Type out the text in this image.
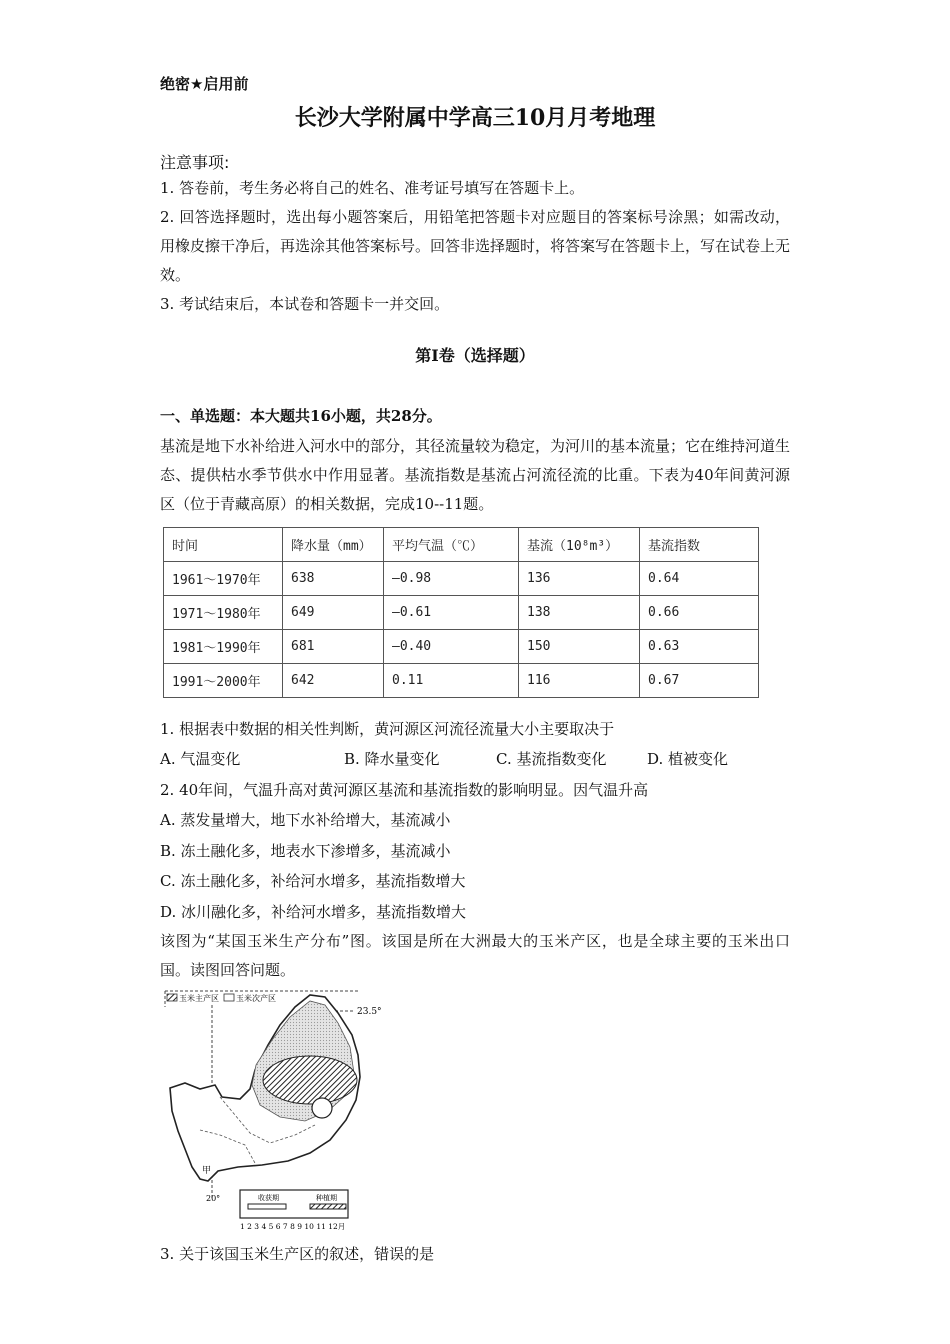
绝密★启用前
长沙大学附属中学高三10月月考地理
注意事项:
1. 答卷前，考生务必将自己的姓名、准考证号填写在答题卡上。
2. 回答选择题时，选出每小题答案后，用铅笔把答题卡对应题目的答案标号涂黑；如需改动，用橡皮擦干净后，再选涂其他答案标号。回答非选择题时，将答案写在答题卡上，写在试卷上无效。
3. 考试结束后，本试卷和答题卡一并交回。
第I卷（选择题）
一、单选题：本大题共16小题，共28分。
基流是地下水补给进入河水中的部分，其径流量较为稳定，为河川的基本流量；它在维持河道生态、提供枯水季节供水中作用显著。基流指数是基流占河流径流的比重。下表为40年间黄河源区（位于青藏高原）的相关数据，完成10--11题。
时间	降水量（mm）	平均气温（℃）	基流（10⁸m³）	基流指数
1961～1970年	638	—0.98	136	0.64
1971～1980年	649	—0.61	138	0.66
1981～1990年	681	—0.40	150	0.63
1991～2000年	642	0.11	116	0.67
1. 根据表中数据的相关性判断，黄河源区河流径流量大小主要取决于
A. 气温变化	B. 降水量变化	C. 基流指数变化	D. 植被变化
2. 40年间，气温升高对黄河源区基流和基流指数的影响明显。因气温升高
A. 蒸发量增大，地下水补给增大，基流减小
B. 冻土融化多，地表水下渗增多，基流减小
C. 冻土融化多，补给河水增多，基流指数增大
D. 冰川融化多，补给河水增多，基流指数增大
该图为“某国玉米生产分布”图。该国是所在大洲最大的玉米产区，也是全球主要的玉米出口国。读图回答问题。
玉米主产区 玉米次产区
23.5°
甲
20°	收获期	种植期
1 2 3 4 5 6 7 8 9 10 11 12月
3. 关于该国玉米生产区的叙述，错误的是
